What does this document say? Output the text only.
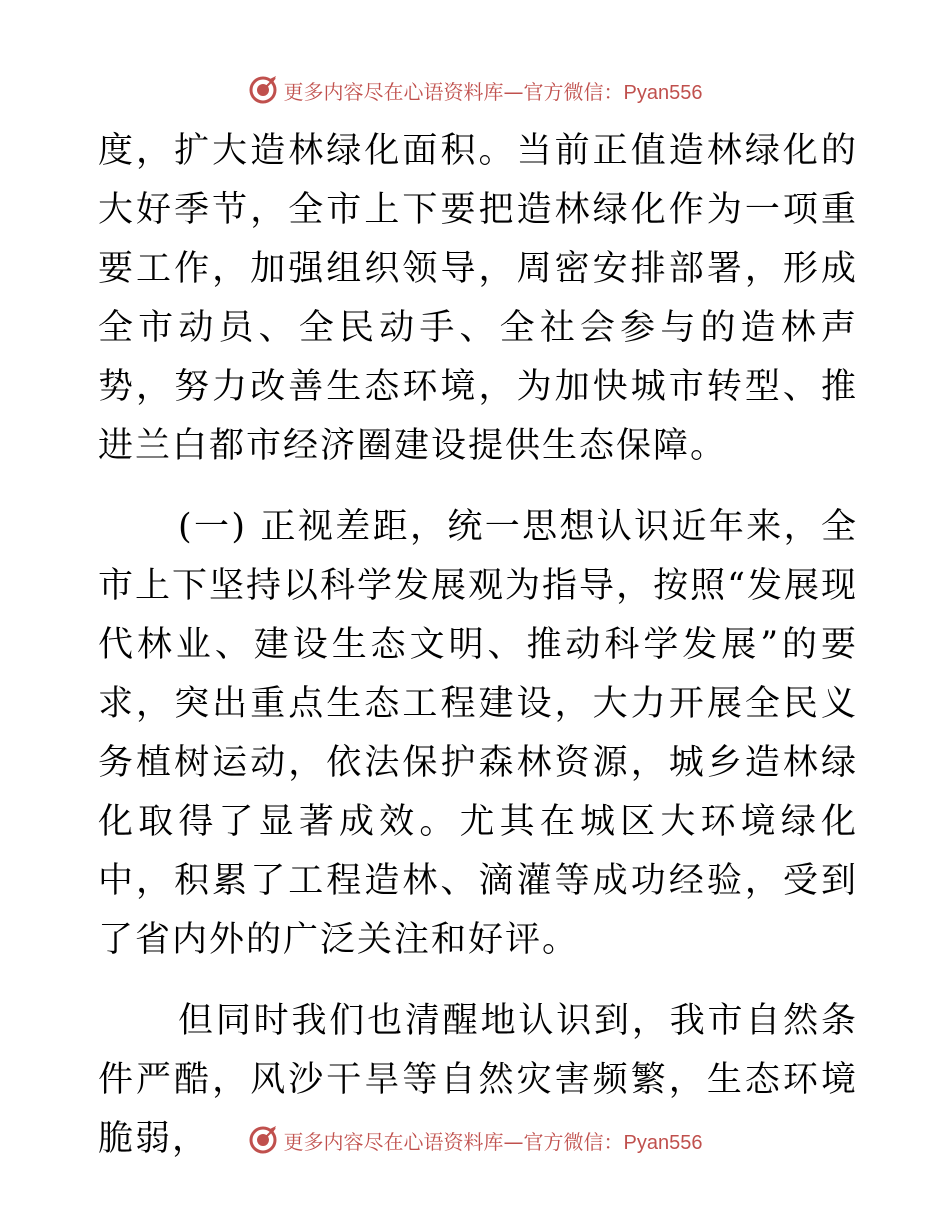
更多内容尽在心语资料库—官方微信：Pyan556

度，扩大造林绿化面积。当前正值造林绿化的大好季节，全市上下要把造林绿化作为一项重要工作，加强组织领导，周密安排部署，形成全市动员、全民动手、全社会参与的造林声势，努力改善生态环境，为加快城市转型、推进兰白都市经济圈建设提供生态保障。

(一) 正视差距，统一思想认识近年来，全市上下坚持以科学发展观为指导，按照“发展现代林业、建设生态文明、推动科学发展”的要求，突出重点生态工程建设，大力开展全民义务植树运动，依法保护森林资源，城乡造林绿化取得了显著成效。尤其在城区大环境绿化中，积累了工程造林、滴灌等成功经验，受到了省内外的广泛关注和好评。

但同时我们也清醒地认识到，我市自然条件严酷，风沙干旱等自然灾害频繁，生态环境脆弱，	更多内容尽在心语资料库—官方微信：Pyan556
